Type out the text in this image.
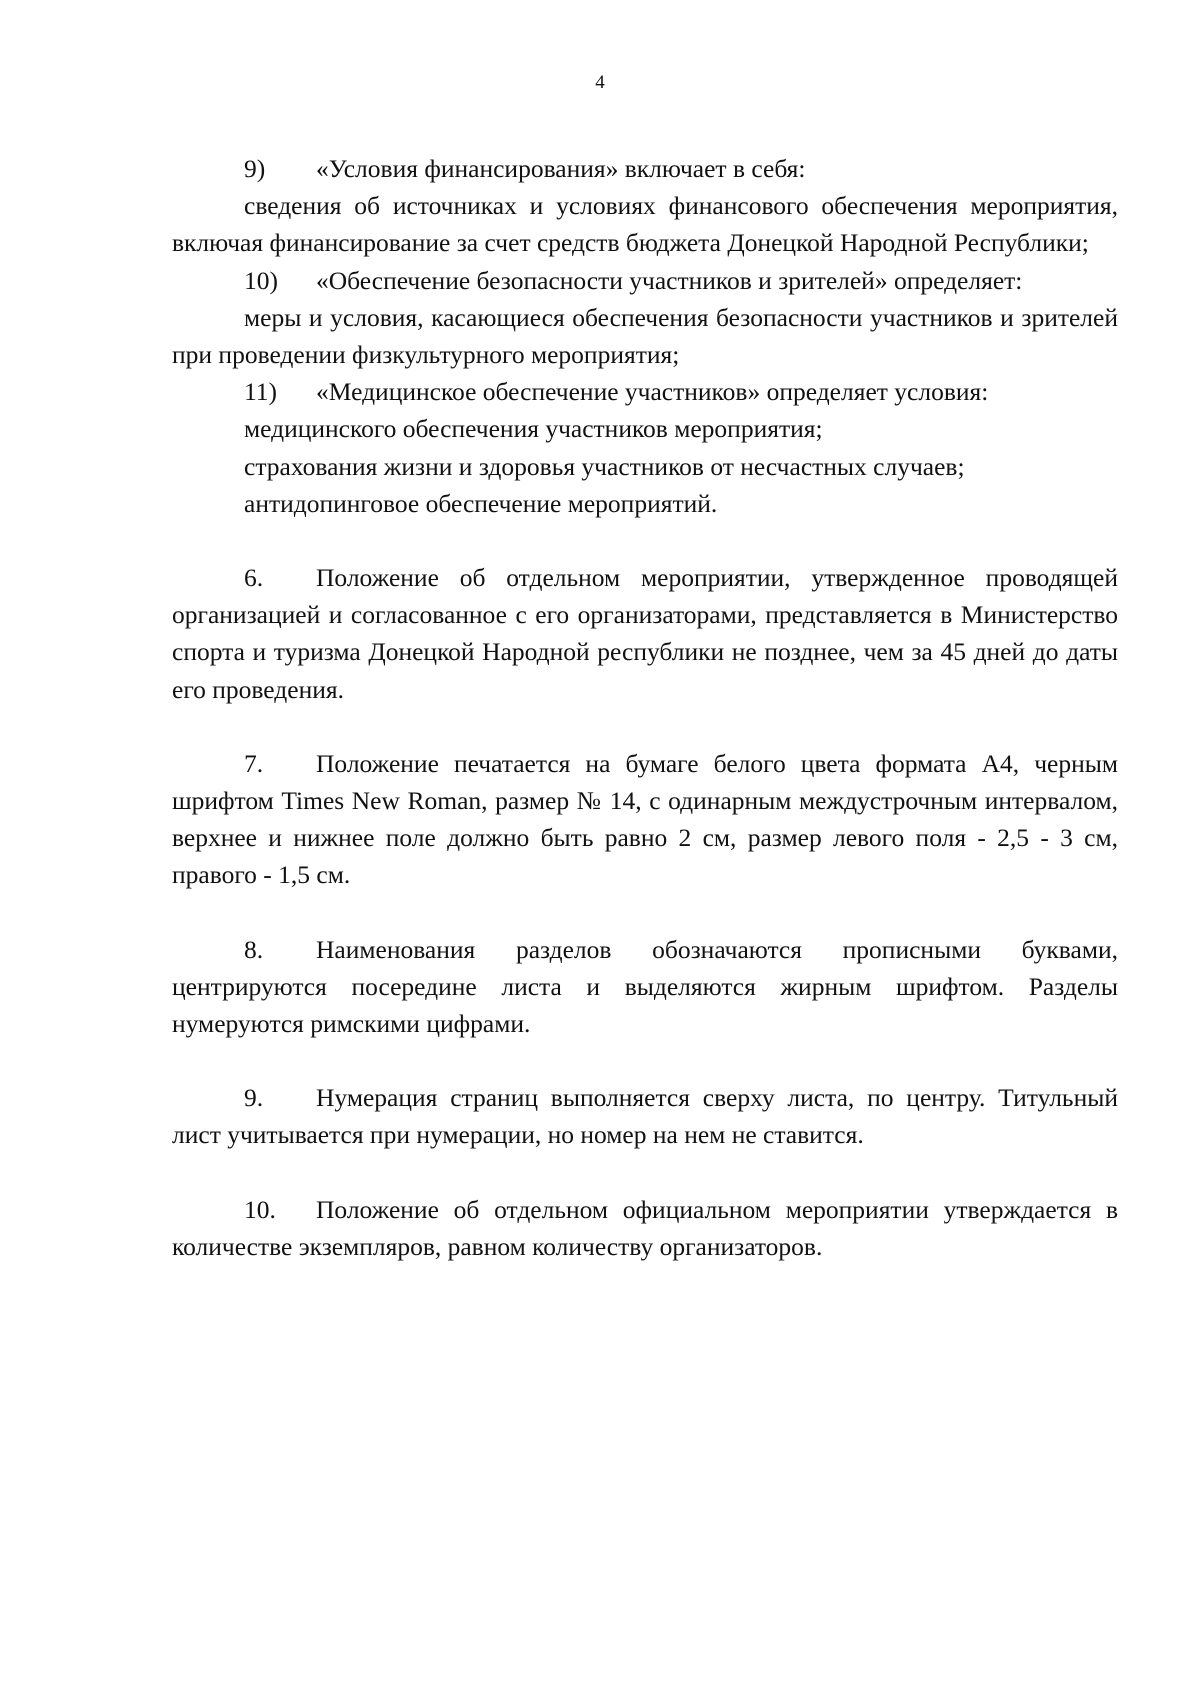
4

9) «Условия финансирования» включает в себя:

сведения об источниках и условиях финансового обеспечения мероприятия, включая финансирование за счет средств бюджета Донецкой Народной Республики;

10) «Обеспечение безопасности участников и зрителей» определяет:

меры и условия, касающиеся обеспечения безопасности участников и зрителей при проведении физкультурного мероприятия;

11) «Медицинское обеспечение участников» определяет условия:

медицинского обеспечения участников мероприятия;

страхования жизни и здоровья участников от несчастных случаев;

антидопинговое обеспечение мероприятий.

6. Положение об отдельном мероприятии, утвержденное проводящей организацией и согласованное с его организаторами, представляется в Министерство спорта и туризма Донецкой Народной республики не позднее, чем за 45 дней до даты его проведения.

7. Положение печатается на бумаге белого цвета формата А4, черным шрифтом Times New Roman, размер № 14, с одинарным междустрочным интервалом, верхнее и нижнее поле должно быть равно 2 см, размер левого поля - 2,5 - 3 см, правого - 1,5 см.

8. Наименования разделов обозначаются прописными буквами, центрируются посередине листа и выделяются жирным шрифтом. Разделы нумеруются римскими цифрами.

9. Нумерация страниц выполняется сверху листа, по центру. Титульный лист учитывается при нумерации, но номер на нем не ставится.

10. Положение об отдельном официальном мероприятии утверждается в количестве экземпляров, равном количеству организаторов.
